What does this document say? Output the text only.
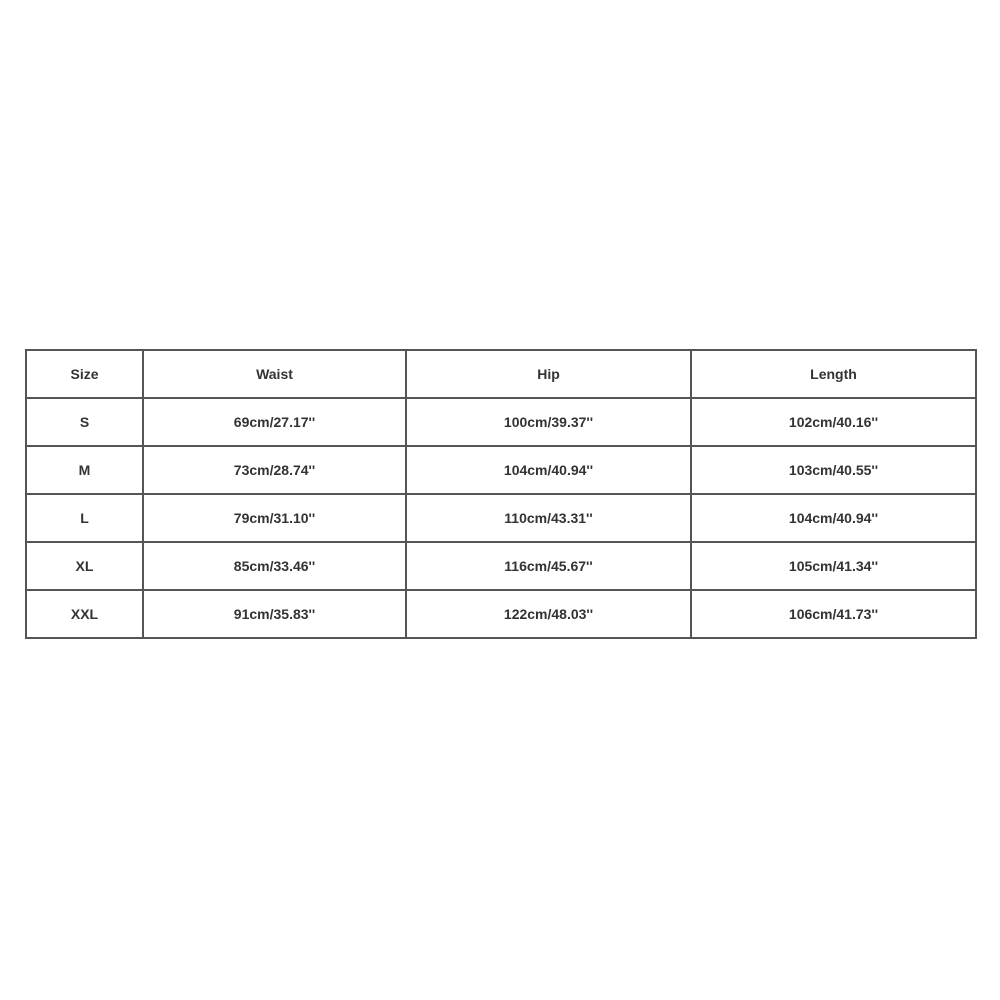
Size	Waist	Hip	Length
S	69cm/27.17''	100cm/39.37''	102cm/40.16''
M	73cm/28.74''	104cm/40.94''	103cm/40.55''
L	79cm/31.10''	110cm/43.31''	104cm/40.94''
XL	85cm/33.46''	116cm/45.67''	105cm/41.34''
XXL	91cm/35.83''	122cm/48.03''	106cm/41.73''
